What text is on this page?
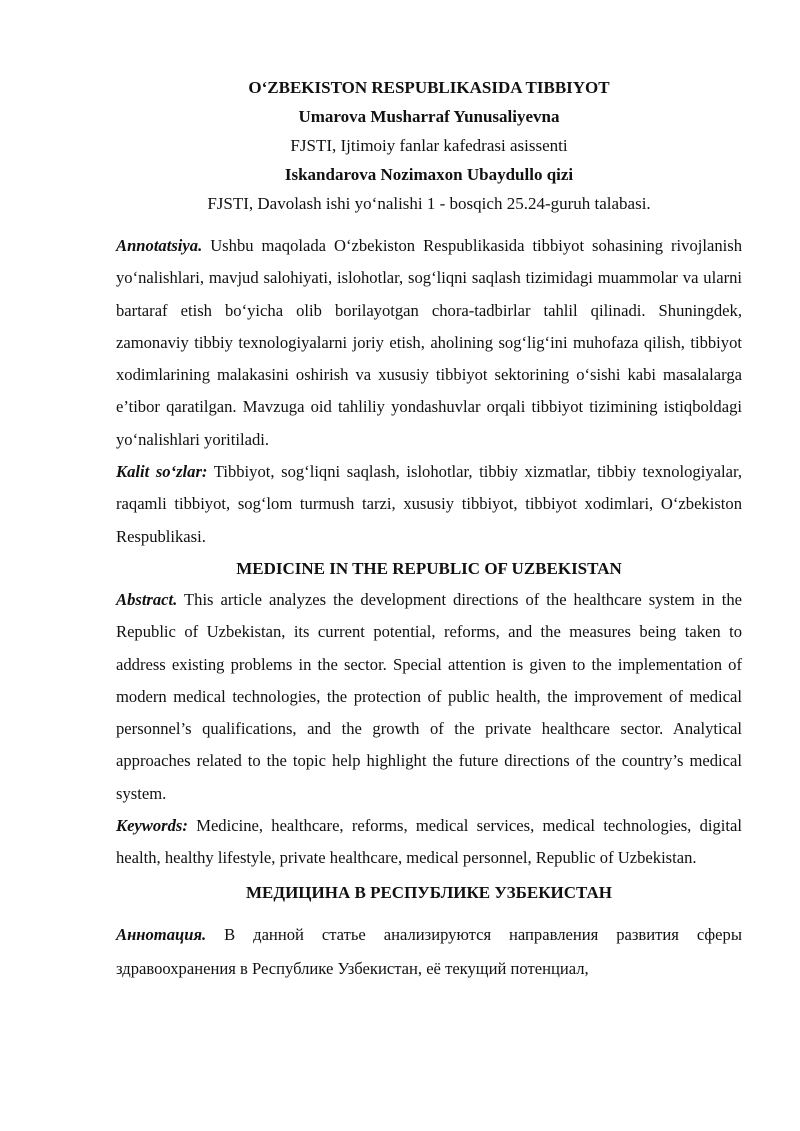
O‘ZBEKISTON RESPUBLIKASIDA TIBBIYOT

Umarova Musharraf Yunusaliyevna

FJSTI, Ijtimoiy fanlar kafedrasi asissenti

Iskandarova Nozimaxon Ubaydullo qizi

FJSTI, Davolash ishi yo‘nalishi 1 - bosqich 25.24-guruh talabasi.

Annotatsiya. Ushbu maqolada O‘zbekiston Respublikasida tibbiyot sohasining rivojlanish yo‘nalishlari, mavjud salohiyati, islohotlar, sog‘liqni saqlash tizimidagi muammolar va ularni bartaraf etish bo‘yicha olib borilayotgan chora-tadbirlar tahlil qilinadi. Shuningdek, zamonaviy tibbiy texnologiyalarni joriy etish, aholining sog‘lig‘ini muhofaza qilish, tibbiyot xodimlarining malakasini oshirish va xususiy tibbiyot sektorining o‘sishi kabi masalalarga e’tibor qaratilgan. Mavzuga oid tahliliy yondashuvlar orqali tibbiyot tizimining istiqboldagi yo‘nalishlari yoritiladi.

Kalit so‘zlar: Tibbiyot, sog‘liqni saqlash, islohotlar, tibbiy xizmatlar, tibbiy texnologiyalar, raqamli tibbiyot, sog‘lom turmush tarzi, xususiy tibbiyot, tibbiyot xodimlari, O‘zbekiston Respublikasi.

MEDICINE IN THE REPUBLIC OF UZBEKISTAN

Abstract. This article analyzes the development directions of the healthcare system in the Republic of Uzbekistan, its current potential, reforms, and the measures being taken to address existing problems in the sector. Special attention is given to the implementation of modern medical technologies, the protection of public health, the improvement of medical personnel’s qualifications, and the growth of the private healthcare sector. Analytical approaches related to the topic help highlight the future directions of the country’s medical system.

Keywords: Medicine, healthcare, reforms, medical services, medical technologies, digital health, healthy lifestyle, private healthcare, medical personnel, Republic of Uzbekistan.

МЕДИЦИНА В РЕСПУБЛИКЕ УЗБЕКИСТАН

Аннотация. В данной статье анализируются направления развития сферы здравоохранения в Республике Узбекистан, её текущий потенциал,
